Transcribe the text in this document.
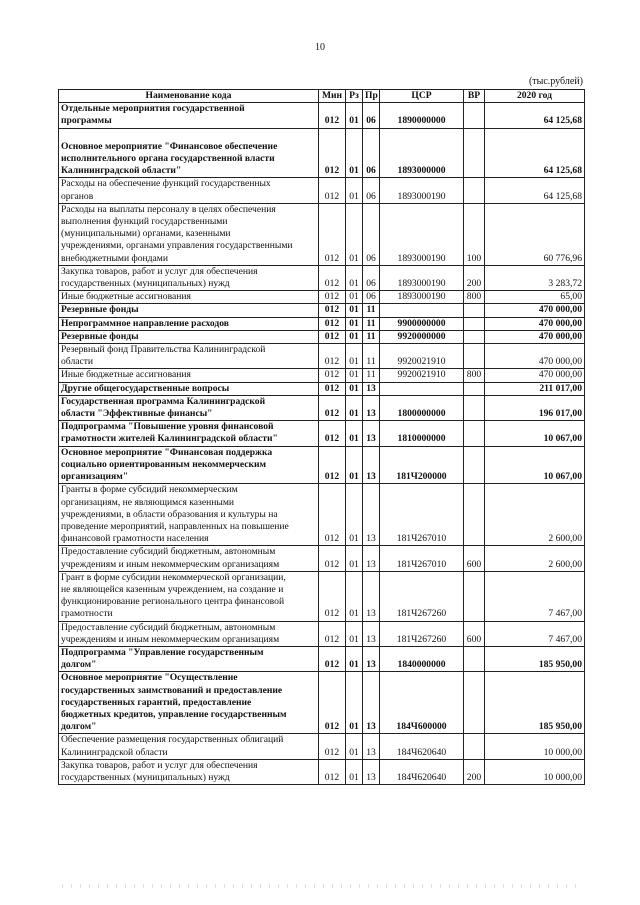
10
(тыс.рублей)
Наименование кода	Мин	Рз	Пр	ЦСР	ВР	2020 год
Отдельные мероприятия государственной
программы	012	01	06	1890000000		64 125,68

Основное мероприятие "Финансовое обеспечение
исполнительного органа государственной власти
Калининградской области"	012	01	06	1893000000		64 125,68
Расходы на обеспечение функций государственных
органов	012	01	06	1893000190		64 125,68
Расходы на выплаты персоналу в целях обеспечения
выполнения функций государственными
(муниципальными) органами, казенными
учреждениями, органами управления государственными
внебюджетными фондами	012	01	06	1893000190	100	60 776,96
Закупка товаров, работ и услуг для обеспечения
государственных (муниципальных) нужд	012	01	06	1893000190	200	3 283,72
Иные бюджетные ассигнования	012	01	06	1893000190	800	65,00
Резервные фонды	012	01	11			470 000,00
Непрограммное направление расходов	012	01	11	9900000000		470 000,00
Резервные фонды	012	01	11	9920000000		470 000,00
Резервный фонд Правительства Калининградской
области	012	01	11	9920021910		470 000,00
Иные бюджетные ассигнования	012	01	11	9920021910	800	470 000,00
Другие общегосударственные вопросы	012	01	13			211 017,00
Государственная программа Калининградской
области "Эффективные финансы"	012	01	13	1800000000		196 017,00
Подпрограмма "Повышение уровня финансовой
грамотности жителей Калининградской области"	012	01	13	1810000000		10 067,00
Основное мероприятие "Финансовая поддержка
социально ориентированным некоммерческим
организациям"	012	01	13	181Ч200000		10 067,00
Гранты в форме субсидий некоммерческим
организациям, не являющимся казенными
учреждениями, в области образования и культуры на
проведение мероприятий, направленных на повышение
финансовой грамотности населения	012	01	13	181Ч267010		2 600,00
Предоставление субсидий бюджетным, автономным
учреждениям и иным некоммерческим организациям	012	01	13	181Ч267010	600	2 600,00
Грант в форме субсидии некоммерческой организации,
не являющейся казенным учреждением, на создание и
функционирование регионального центра финансовой
грамотности	012	01	13	181Ч267260		7 467,00
Предоставление субсидий бюджетным, автономным
учреждениям и иным некоммерческим организациям	012	01	13	181Ч267260	600	7 467,00
Подпрограмма "Управление государственным
долгом"	012	01	13	1840000000		185 950,00
Основное мероприятие "Осуществление
государственных заимствований и предоставление
государственных гарантий, предоставление
бюджетных кредитов, управление государственным
долгом"	012	01	13	184Ч600000		185 950,00
Обеспечение размещения государственных облигаций
Калининградской области	012	01	13	184Ч620640		10 000,00
Закупка товаров, работ и услуг для обеспечения
государственных (муниципальных) нужд	012	01	13	184Ч620640	200	10 000,00
